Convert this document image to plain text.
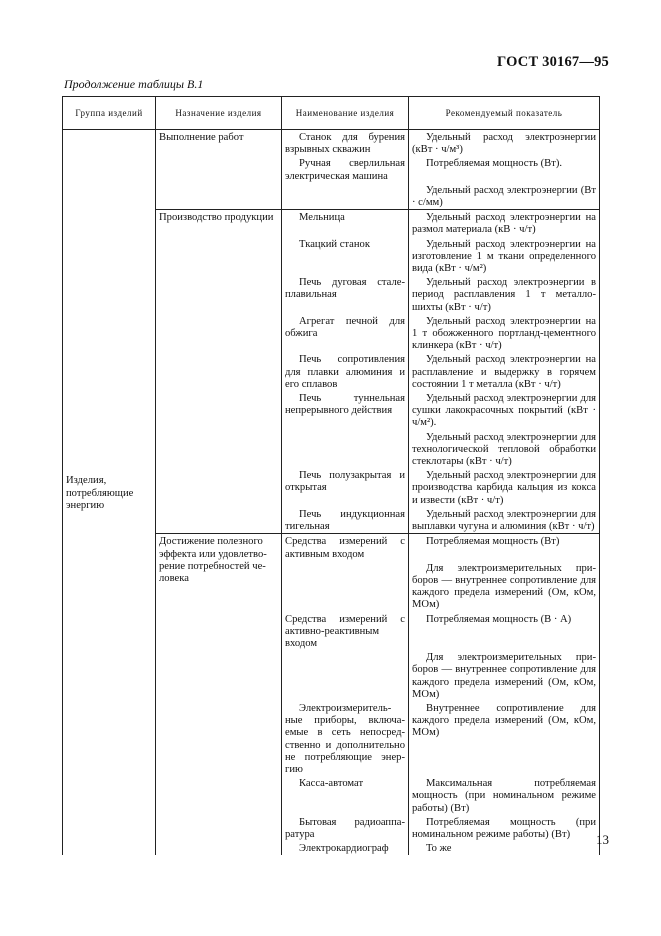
ГОСТ 30167—95
Продолжение таблицы В.1
Группа изделий	Назначение изделия	Наименование изделия	Рекомендуемый показатель

Изделия,
потребляющие
энергию	Выполнение работ	Станок для бурения взрывных скважин	Удельный расход электроэнергии (кВт · ч/м³)
		Ручная сверлильная электрическая машина	Потребляемая мощность (Вт).
			Удельный расход электроэнергии (Вт · с/мм)
	Производство продукции	Мельница	Удельный расход электроэнергии на размол материала (кВ · ч/т)
		Ткацкий станок	Удельный расход электроэнергии на изготовление 1 м ткани определенного вида (кВт · ч/м²)
		Печь дуговая стале-плавильная	Удельный расход электроэнергии в период расплавления 1 т металло-шихты (кВт · ч/т)
		Агрегат печной для обжига	Удельный расход электроэнергии на 1 т обожженного портланд-цементного клинкера (кВт · ч/т)
		Печь сопротивления для плавки алюминия и его сплавов	Удельный расход электроэнергии на расплавление и выдержку в горячем состоянии 1 т металла (кВт · ч/т)
		Печь туннельная непрерывного действия	Удельный расход электроэнергии для сушки лакокрасочных покрытий (кВт · ч/м²).
			Удельный расход электроэнергии для технологической тепловой обработки стеклотары (кВт · ч/т)
		Печь полузакрытая и открытая	Удельный расход электроэнергии для производства карбида кальция из кокса и извести (кВт · ч/т)
		Печь индукционная тигельная	Удельный расход электроэнергии для выплавки чугуна и алюминия (кВт · ч/т)
	Достижение полезного эффекта или удовлетво-рение потребностей че-ловека	Средства измерений с активным входом	Потребляемая мощность (Вт)
			Для электроизмерительных при-боров — внутреннее сопротивление для каждого предела измерений (Ом, кОм, МОм)
		Средства измерений с активно-реактивным входом	Потребляемая мощность (В · А)
			Для электроизмерительных при-боров — внутреннее сопротивление для каждого предела измерений (Ом, кОм, МОм)
		Электроизмеритель-ные приборы, включа-емые в сеть непосред-ственно и дополнительно не потребляющие энер-гию	Внутреннее сопротивление для каждого предела измерений (Ом, кОм, МОм)
		Касса-автомат	Максимальная потребляемая мощность (при номинальном режиме работы) (Вт)
		Бытовая радиоаппа-ратура	Потребляемая мощность (при номинальном режиме работы) (Вт)
		Электрокардиограф	То же
13
